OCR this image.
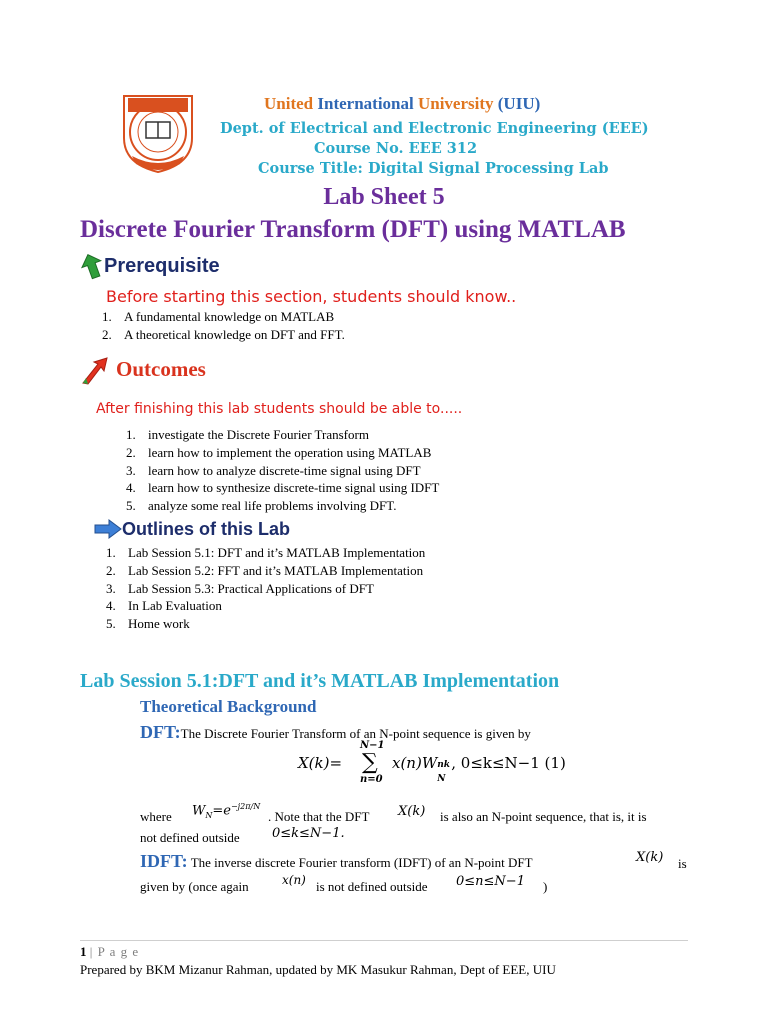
United International University (UIU)
Dept. of Electrical and Electronic Engineering (EEE)
Course No. EEE 312
Course Title: Digital Signal Processing Lab
Lab Sheet 5
Discrete Fourier Transform (DFT) using MATLAB
Prerequisite
Before starting this section, students should know..
1. A fundamental knowledge on MATLAB
2. A theoretical knowledge on DFT and FFT.
Outcomes
After finishing this lab students should be able to.....
1. investigate the Discrete Fourier Transform
2. learn how to implement the operation using MATLAB
3. learn how to analyze discrete-time signal using DFT
4. learn how to synthesize discrete-time signal using IDFT
5. analyze some real life problems involving DFT.
Outlines of this Lab
1. Lab Session 5.1: DFT and it’s MATLAB Implementation
2. Lab Session 5.2: FFT and it’s MATLAB Implementation
3. Lab Session 5.3: Practical Applications of DFT
4. In Lab Evaluation
5. Home work
Lab Session 5.1:DFT and it’s MATLAB Implementation
Theoretical Background
DFT:The Discrete Fourier Transform of an N-point sequence is given by
X(k)=
N−1
∑
n=0
x(n)W nk
N
, 0≤k≤N−1 (1)
where $W_N=e^{-j2\pi/N}$
. Note that the DFT X(k) is also an N-point sequence, that is, it is
not defined outside 0≤k≤N−1.
IDFT: The inverse discrete Fourier transform (IDFT) of an N-point DFT	X(k) is
given by (once again	x(n) is not defined outside 0≤n≤N−1 )
1 | P a g e
Prepared by BKM Mizanur Rahman, updated by MK Masukur Rahman, Dept of EEE, UIU
